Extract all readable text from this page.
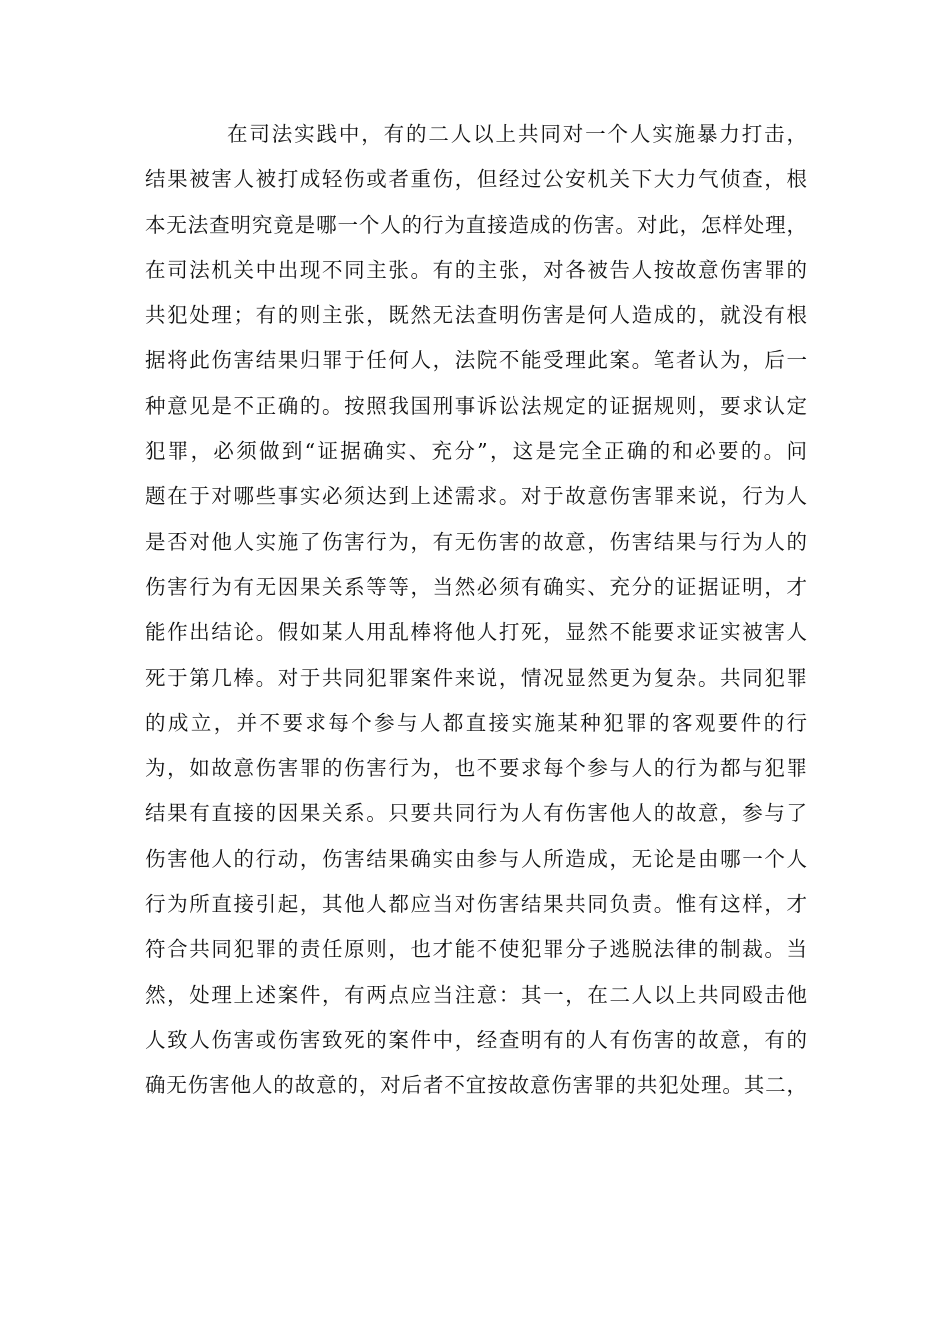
在司法实践中，有的二人以上共同对一个人实施暴力打击，
结果被害人被打成轻伤或者重伤，但经过公安机关下大力气侦查，根
本无法查明究竟是哪一个人的行为直接造成的伤害。对此，怎样处理，
在司法机关中出现不同主张。有的主张，对各被告人按故意伤害罪的
共犯处理；有的则主张，既然无法查明伤害是何人造成的，就没有根
据将此伤害结果归罪于任何人，法院不能受理此案。笔者认为，后一
种意见是不正确的。按照我国刑事诉讼法规定的证据规则，要求认定
犯罪，必须做到“证据确实、充分”，这是完全正确的和必要的。问
题在于对哪些事实必须达到上述需求。对于故意伤害罪来说，行为人
是否对他人实施了伤害行为，有无伤害的故意，伤害结果与行为人的
伤害行为有无因果关系等等，当然必须有确实、充分的证据证明，才
能作出结论。假如某人用乱棒将他人打死，显然不能要求证实被害人
死于第几棒。对于共同犯罪案件来说，情况显然更为复杂。共同犯罪
的成立，并不要求每个参与人都直接实施某种犯罪的客观要件的行
为，如故意伤害罪的伤害行为，也不要求每个参与人的行为都与犯罪
结果有直接的因果关系。只要共同行为人有伤害他人的故意，参与了
伤害他人的行动，伤害结果确实由参与人所造成，无论是由哪一个人
行为所直接引起，其他人都应当对伤害结果共同负责。惟有这样，才
符合共同犯罪的责任原则，也才能不使犯罪分子逃脱法律的制裁。当
然，处理上述案件，有两点应当注意：其一，在二人以上共同殴击他
人致人伤害或伤害致死的案件中，经查明有的人有伤害的故意，有的
确无伤害他人的故意的，对后者不宜按故意伤害罪的共犯处理。其二，
